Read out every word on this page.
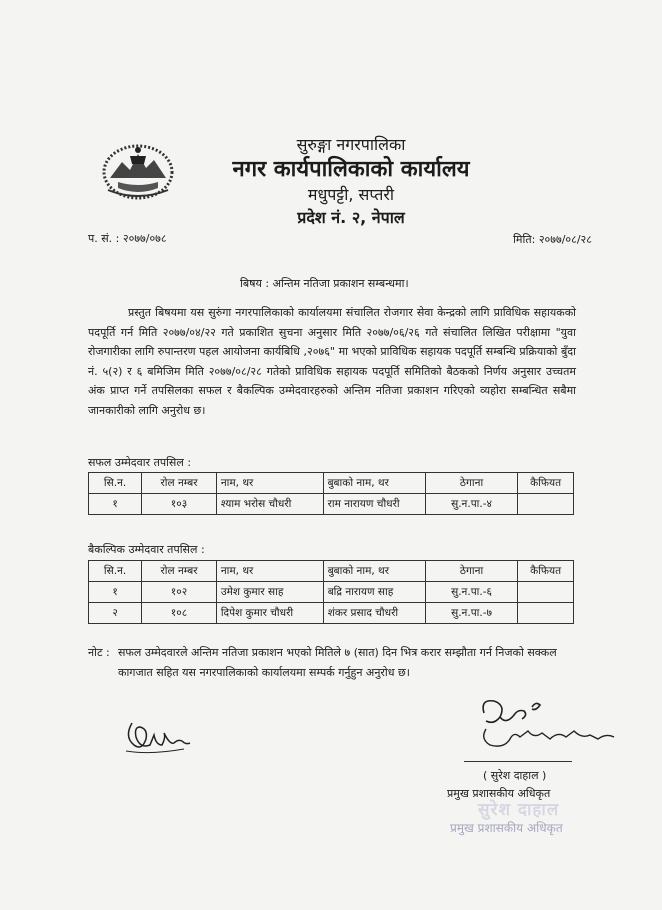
सुरुङ्गा नगरपालिका
नगर कार्यपालिकाको कार्यालय
मधुपट्टी, सप्तरी
प्रदेश नं. २, नेपाल
प. सं. : २०७७/०७८	मिति: २०७७/०८/२८
बिषय : अन्तिम नतिजा प्रकाशन सम्बन्धमा।
प्रस्तुत बिषयमा यस सुरुंगा नगरपालिकाको कार्यालयमा संचालित रोजगार सेवा केन्द्रको लागि प्राविधिक सहायकको पदपूर्ति गर्न मिति २०७७/०४/२२ गते प्रकाशित सुचना अनुसार मिति २०७७/०६/२६ गते संचालित लिखित परीक्षामा "युवा रोजगारीका लागि रुपान्तरण पहल आयोजना कार्यबिधि ,२०७६" मा भएको प्राविधिक सहायक पदपूर्ति सम्बन्धि प्रक्रियाको बुँदा नं. ५(२) र ६ बमिजिम मिति २०७७/०८/२८ गतेको प्राविधिक सहायक पदपूर्ति समितिको बैठकको निर्णय अनुसार उच्चतम अंक प्राप्त गर्ने तपसिलका सफल र बैकल्पिक उम्मेदवारहरुको अन्तिम नतिजा प्रकाशन गरिएको व्यहोरा सम्बन्धित सबैमा जानकारीको लागि अनुरोध छ।
सफल उम्मेदवार तपसिल :
सि.न.	रोल नम्बर	नाम, थर	बुबाको नाम, थर	ठेगाना	कैफियत
१	१०३	श्याम भरोस चौधरी	राम नारायण चौधरी	सु.न.पा.-४	
बैकल्पिक उम्मेदवार तपसिल :
सि.न.	रोल नम्बर	नाम, थर	बुबाको नाम, थर	ठेगाना	कैफियत
१	१०२	उमेश कुमार साह	बद्रि नारायण साह	सु.न.पा.-६	
२	१०८	दिपेश कुमार चौधरी	शंकर प्रसाद चौधरी	सु.न.पा.-७	
नोट : सफल उम्मेदवारले अन्तिम नतिजा प्रकाशन भएको मितिले ७ (सात) दिन भित्र करार सम्झौता गर्न निजको सक्कल कागजात सहित यस नगरपालिकाको कार्यालयमा सम्पर्क गर्नुहुन अनुरोध छ।
( सुरेश दाहाल )
प्रमुख प्रशासकीय अधिकृत
सुरेश दाहाल
प्रमुख प्रशासकीय अधिकृत
